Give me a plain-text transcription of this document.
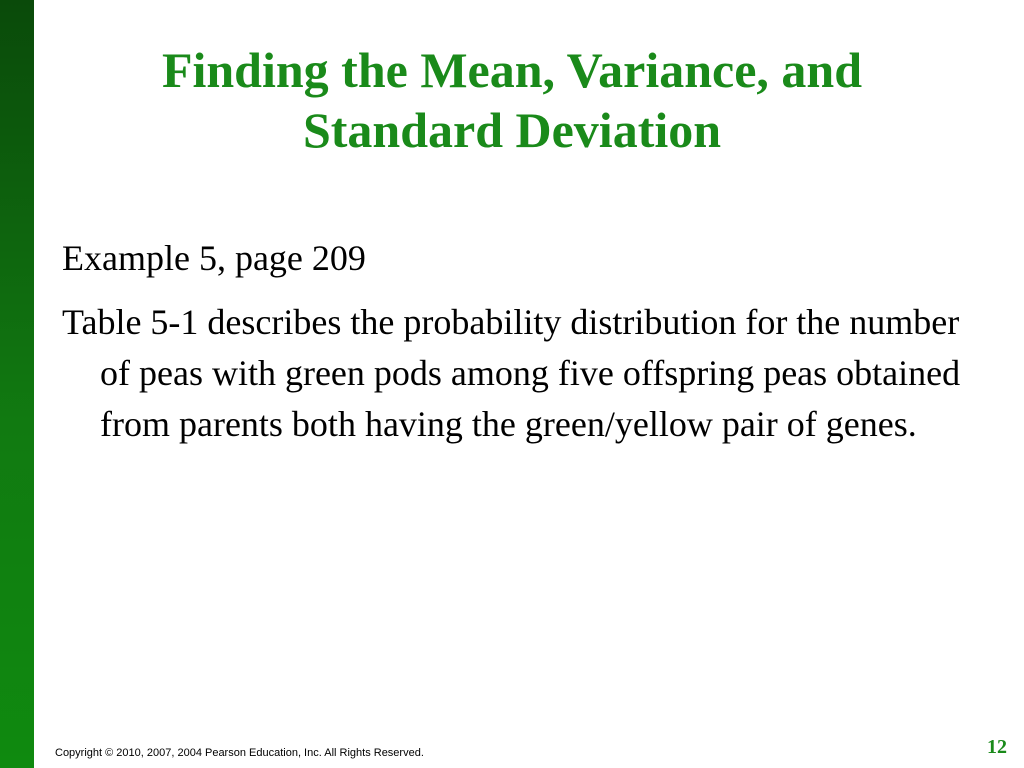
Finding the Mean, Variance, and
Standard Deviation

Example 5, page 209

Table 5-1 describes the probability distribution for the number of peas with green pods among five offspring peas obtained from parents both having the green/yellow pair of genes.

Copyright © 2010, 2007, 2004 Pearson Education, Inc. All Rights Reserved.	12
